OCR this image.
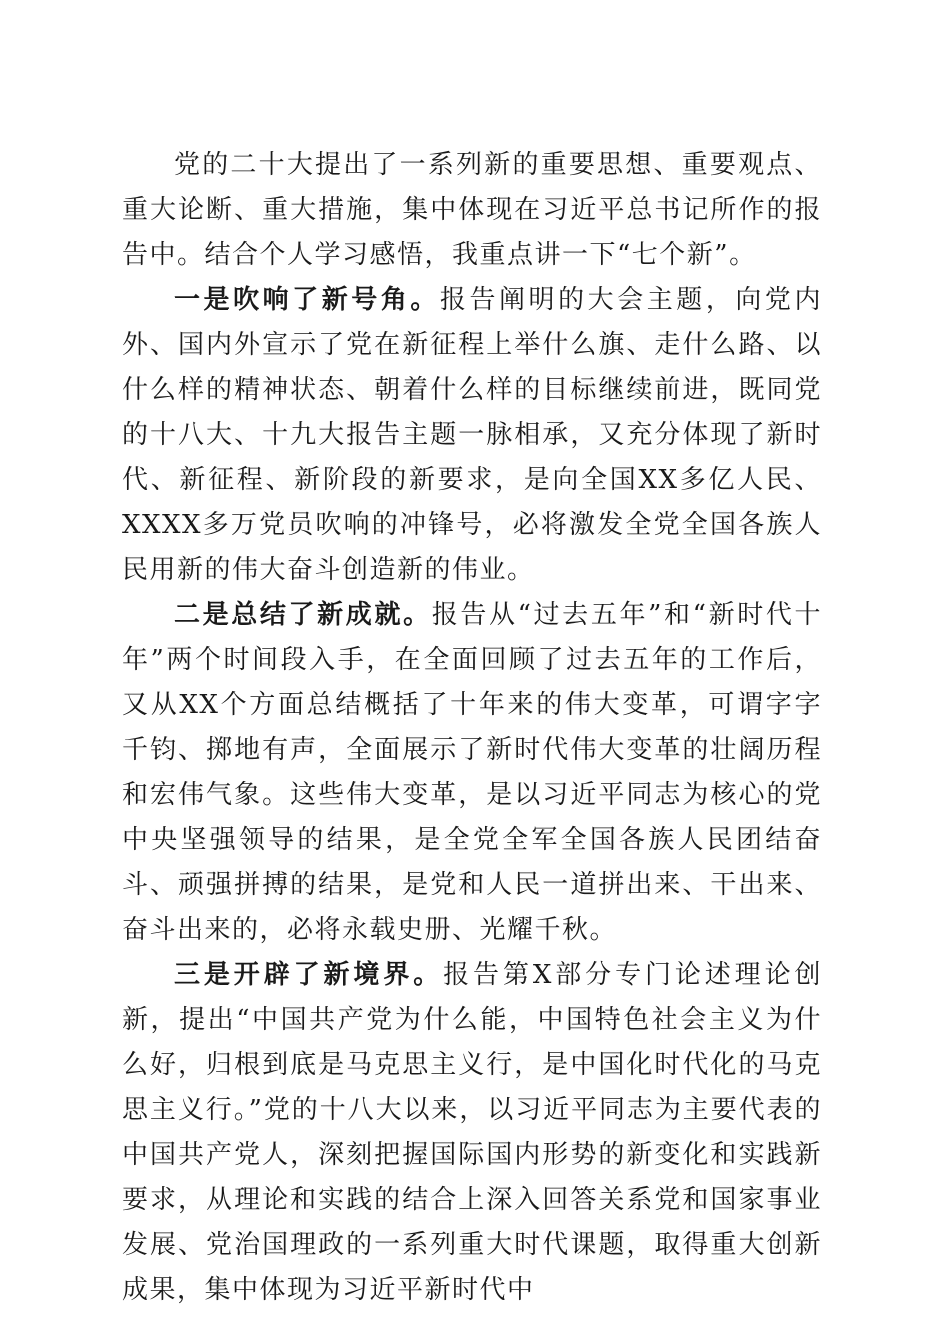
党的二十大提出了一系列新的重要思想、重要观点、重大论断、重大措施，集中体现在习近平总书记所作的报告中。结合个人学习感悟，我重点讲一下“七个新”。

一是吹响了新号角。报告阐明的大会主题，向党内外、国内外宣示了党在新征程上举什么旗、走什么路、以什么样的精神状态、朝着什么样的目标继续前进，既同党的十八大、十九大报告主题一脉相承，又充分体现了新时代、新征程、新阶段的新要求，是向全国XX多亿人民、XXXX多万党员吹响的冲锋号，必将激发全党全国各族人民用新的伟大奋斗创造新的伟业。

二是总结了新成就。报告从“过去五年”和“新时代十年”两个时间段入手，在全面回顾了过去五年的工作后，又从XX个方面总结概括了十年来的伟大变革，可谓字字千钧、掷地有声，全面展示了新时代伟大变革的壮阔历程和宏伟气象。这些伟大变革，是以习近平同志为核心的党中央坚强领导的结果，是全党全军全国各族人民团结奋斗、顽强拼搏的结果，是党和人民一道拼出来、干出来、奋斗出来的，必将永载史册、光耀千秋。

三是开辟了新境界。报告第X部分专门论述理论创新，提出“中国共产党为什么能，中国特色社会主义为什么好，归根到底是马克思主义行，是中国化时代化的马克思主义行。”党的十八大以来，以习近平同志为主要代表的中国共产党人，深刻把握国际国内形势的新变化和实践新要求，从理论和实践的结合上深入回答关系党和国家事业发展、党治国理政的一系列重大时代课题，取得重大创新成果，集中体现为习近平新时代中
